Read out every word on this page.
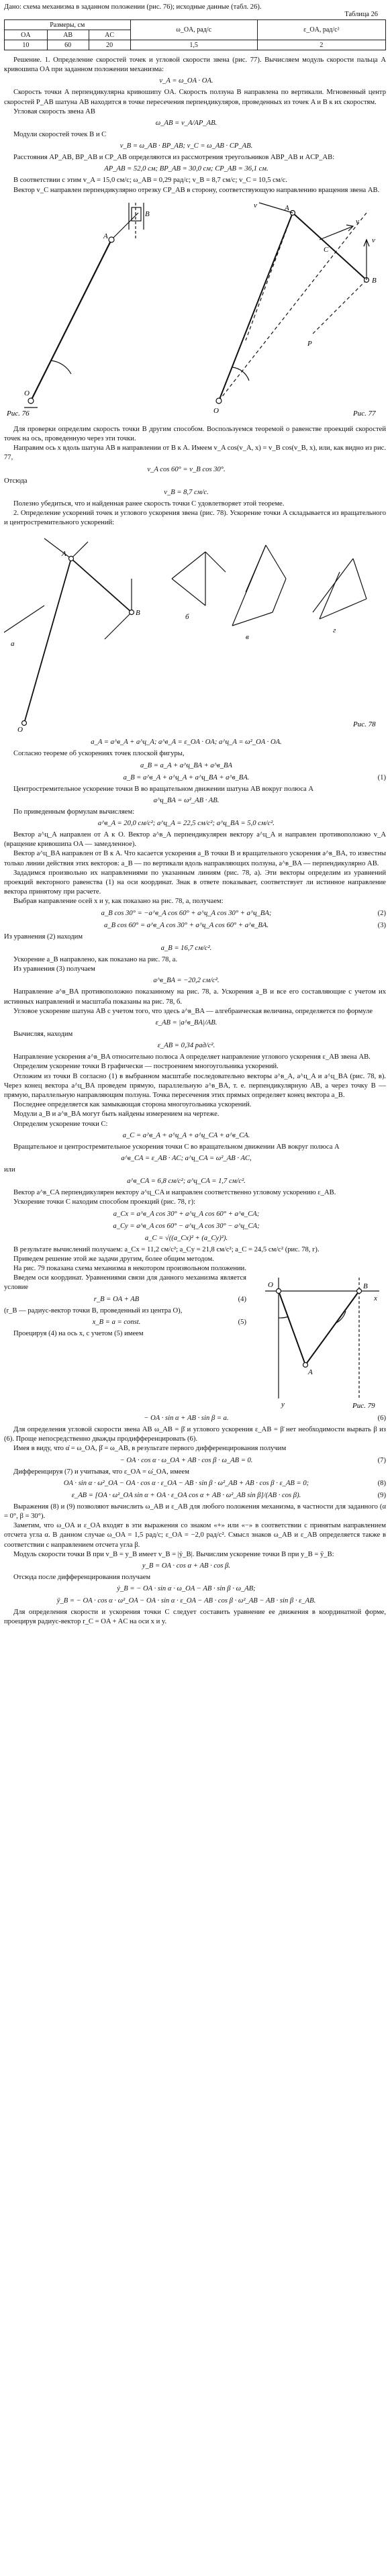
Дано: схема механизма в заданном положении (рис. 76); исходные данные (табл. 26).

Таблица 26
Размеры, см			ω_OA, рад/с	ε_OA, рад/с²
OA	AB	AC		
10	60	20	1,5	2

Решение. 1. Определение скоростей точек и угловой скорости звена (рис. 77). Вычисляем модуль скорости пальца A кривошипа OA при заданном положении механизма:

v_A = ω_OA · OA.

Скорость точки A перпендикулярна кривошипу OA. Скорость ползуна B направлена по вертикали. Мгновенный центр скоростей P_AB шатуна AB находится в точке пересечения перпендикуляров, проведенных из точек A и B к их скоростям.

Угловая скорость звена AB

ω_AB = v_A/AP_AB.

Модули скоростей точек B и C

v_B = ω_AB · BP_AB; v_C = ω_AB · CP_AB.

Расстояния AP_AB, BP_AB и CP_AB определяются из рассмотрения треугольников ABP_AB и ACP_AB:

AP_AB = 52,0 см; BP_AB = 30,0 см; CP_AB = 36,1 см.

В соответствии с этим v_A = 15,0 см/с; ω_AB = 0,29 рад/с; v_B = 8,7 см/с; v_C = 10,5 см/с.

Вектор v_C направлен перпендикулярно отрезку CP_AB в сторону, соответствующую направлению вращения звена AB.

O
A
B
O
A
B
C
P
v
v
v
Рис. 76	Рис. 77

Для проверки определим скорость точки B другим способом. Воспользуемся теоремой о равенстве проекций скоростей точек на ось, проведенную через эти точки.

Направим ось x вдоль шатуна AB в направлении от B к A. Имеем v_A cos(v_A, x) = v_B cos(v_B, x), или, как видно из рис. 77,

v_A cos 60° = v_B cos 30°.

Отсюда

v_B = 8,7 см/с.

Полезно убедиться, что и найденная ранее скорость точки C удовлетворяет этой теореме.

2. Определение ускорений точек и углового ускорения звена (рис. 78). Ускорение точки A складывается из вращательного и центростремительного ускорений:

O
A
B
а
б
в
г
Рис. 78
a_A = a^в_A + a^ц_A; a^в_A = ε_OA · OA; a^ц_A = ω²_OA · OA.

Согласно теореме об ускорениях точек плоской фигуры,

a_B = a_A + a^ц_BA + a^в_BA
a_B = a^в_A + a^ц_A + a^ц_BA + a^в_BA.	(1)

Центростремительное ускорение точки B во вращательном движении шатуна AB вокруг полюса A

a^ц_BA = ω²_AB · AB.

По приведенным формулам вычисляем:

a^в_A = 20,0 см/с²; a^ц_A = 22,5 см/с²; a^ц_BA = 5,0 см/с².

Вектор a^ц_A направлен от A к O. Вектор a^в_A перпендикулярен вектору a^ц_A и направлен противоположно v_A (вращение кривошипа OA — замедленное).

Вектор a^ц_BA направлен от B к A. Что касается ускорения a_B точки B и вращательного ускорения a^в_BA, то известны только линии действия этих векторов: a_B — по вертикали вдоль направляющих ползуна, a^в_BA — перпендикулярно AB.

Зададимся произвольно их направлениями по указанным линиям (рис. 78, а). Эти векторы определим из уравнений проекций векторного равенства (1) на оси координат. Знак в ответе показывает, соответствует ли истинное направление вектора принятому при расчете.

Выбрав направление осей x и y, как показано на рис. 78, а, получаем:

a_B cos 30° = −a^в_A cos 60° + a^ц_A cos 30° + a^ц_BA;	(2)
a_B cos 60° = a^в_A cos 30° + a^ц_A cos 60° + a^в_BA.	(3)

Из уравнения (2) находим

a_B = 16,7 см/с².

Ускорение a_B направлено, как показано на рис. 78, а.

Из уравнения (3) получаем

a^в_BA = −20,2 см/с².

Направление a^в_BA противоположно показанному на рис. 78, а. Ускорения a_B и все его составляющие с учетом их истинных направлений и масштаба показаны на рис. 78, б.

Угловое ускорение шатуна AB с учетом того, что здесь a^в_BA — алгебраическая величина, определяется по формуле

ε_AB = |a^в_BA|/AB.

Вычисляя, находим

ε_AB = 0,34 рад/с².

Направление ускорения a^в_BA относительно полюса A определяет направление углового ускорения ε_AB звена AB.

Определим ускорение точки B графически — построением многоугольника ускорений.

Отложим из точки B согласно (1) в выбранном масштабе последовательно векторы a^в_A, a^ц_A и a^ц_BA (рис. 78, в). Через конец вектора a^ц_BA проведем прямую, параллельную a^в_BA, т. е. перпендикулярную AB, а через точку B — прямую, параллельную направляющим ползуна. Точка пересечения этих прямых определяет конец вектора a_B.

Последнее определяется как замыкающая сторона многоугольника ускорений.

Модули a_B и a^в_BA могут быть найдены измерением на чертеже.

Определим ускорение точки C:

a_C = a^в_A + a^ц_A + a^ц_CA + a^в_CA.

Вращательное и центростремительное ускорения точки C во вращательном движении AB вокруг полюса A

a^в_CA = ε_AB · AC; a^ц_CA = ω²_AB · AC,

или

a^в_CA = 6,8 см/с²; a^ц_CA = 1,7 см/с².

Вектор a^в_CA перпендикулярен вектору a^ц_CA и направлен соответственно угловому ускорению ε_AB.

Ускорение точки C находим способом проекций (рис. 78, г):

a_Cx = a^в_A cos 30° + a^ц_A cos 60° + a^в_CA;
a_Cy = a^в_A cos 60° − a^ц_A cos 30° − a^ц_CA;
a_C = √((a_Cx)² + (a_Cy)²).

В результате вычислений получаем: a_Cx = 11,2 см/с²; a_Cy = 21,8 см/с²; a_C = 24,5 см/с² (рис. 78, г).

Приведем решение этой же задачи другим, более общим методом.

На рис. 79 показана схема механизма в некотором произвольном положении.

Введем оси координат. Уравнениями связи для данного механизма является условие

r_B = OA + AB	(4)

(r_B — радиус-вектор точки B, проведенный из центра O),

x_B = a = const.	(5)

Проецируя (4) на ось x, с учетом (5) имеем

O
A
B
x
y	Рис. 79
− OA · sin α + AB · sin β = a.	(6)

Для определения угловой скорости звена AB ω_AB = β̇ и углового ускорения ε_AB = β̈ нет необходимости вырвать β из (6). Проще непосредственно дважды продифференцировать (6).

Имея в виду, что α̇ = ω_OA, β̇ = ω_AB, в результате первого дифференцирования получим

− OA · cos α · ω_OA + AB · cos β · ω_AB = 0.	(7)

Дифференцируя (7) и учитывая, что ε_OA = ω̇_OA, имеем

OA · sin α · ω²_OA − OA · cos α · ε_OA − AB · sin β · ω²_AB + AB · cos β · ε_AB = 0;	(8)
ε_AB = [OA · ω²_OA sin α + OA · ε_OA cos α + AB · ω²_AB sin β]/(AB · cos β).	(9)

Выражения (8) и (9) позволяют вычислить ω_AB и ε_AB для любого положения механизма, в частности для заданного (α = 0°, β = 30°).

Заметим, что ω_OA и ε_OA входят в эти выражения со знаком «+» или «−» в соответствии с принятым направлением отсчета угла α. В данном случае ω_OA = 1,5 рад/с; ε_OA = −2,0 рад/с². Смысл знаков ω_AB и ε_AB определяется также в соответствии с направлением отсчета угла β.

Модуль скорости точки B при v_B = y_B имеет v_B = |ẏ_B|. Вычислим ускорение точки B при y_B = ÿ_B:

y_B = OA · cos α + AB · cos β.

Отсюда после дифференцирования получаем

ẏ_B = − OA · sin α · ω_OA − AB · sin β · ω_AB;
ÿ_B = − OA · cos α · ω²_OA − OA · sin α · ε_OA − AB · cos β · ω²_AB − AB · sin β · ε_AB.

Для определения скорости и ускорения точки C следует составить уравнение ее движения в координатной форме, проецируя радиус-вектор r_C = OA + AC на оси x и y.
